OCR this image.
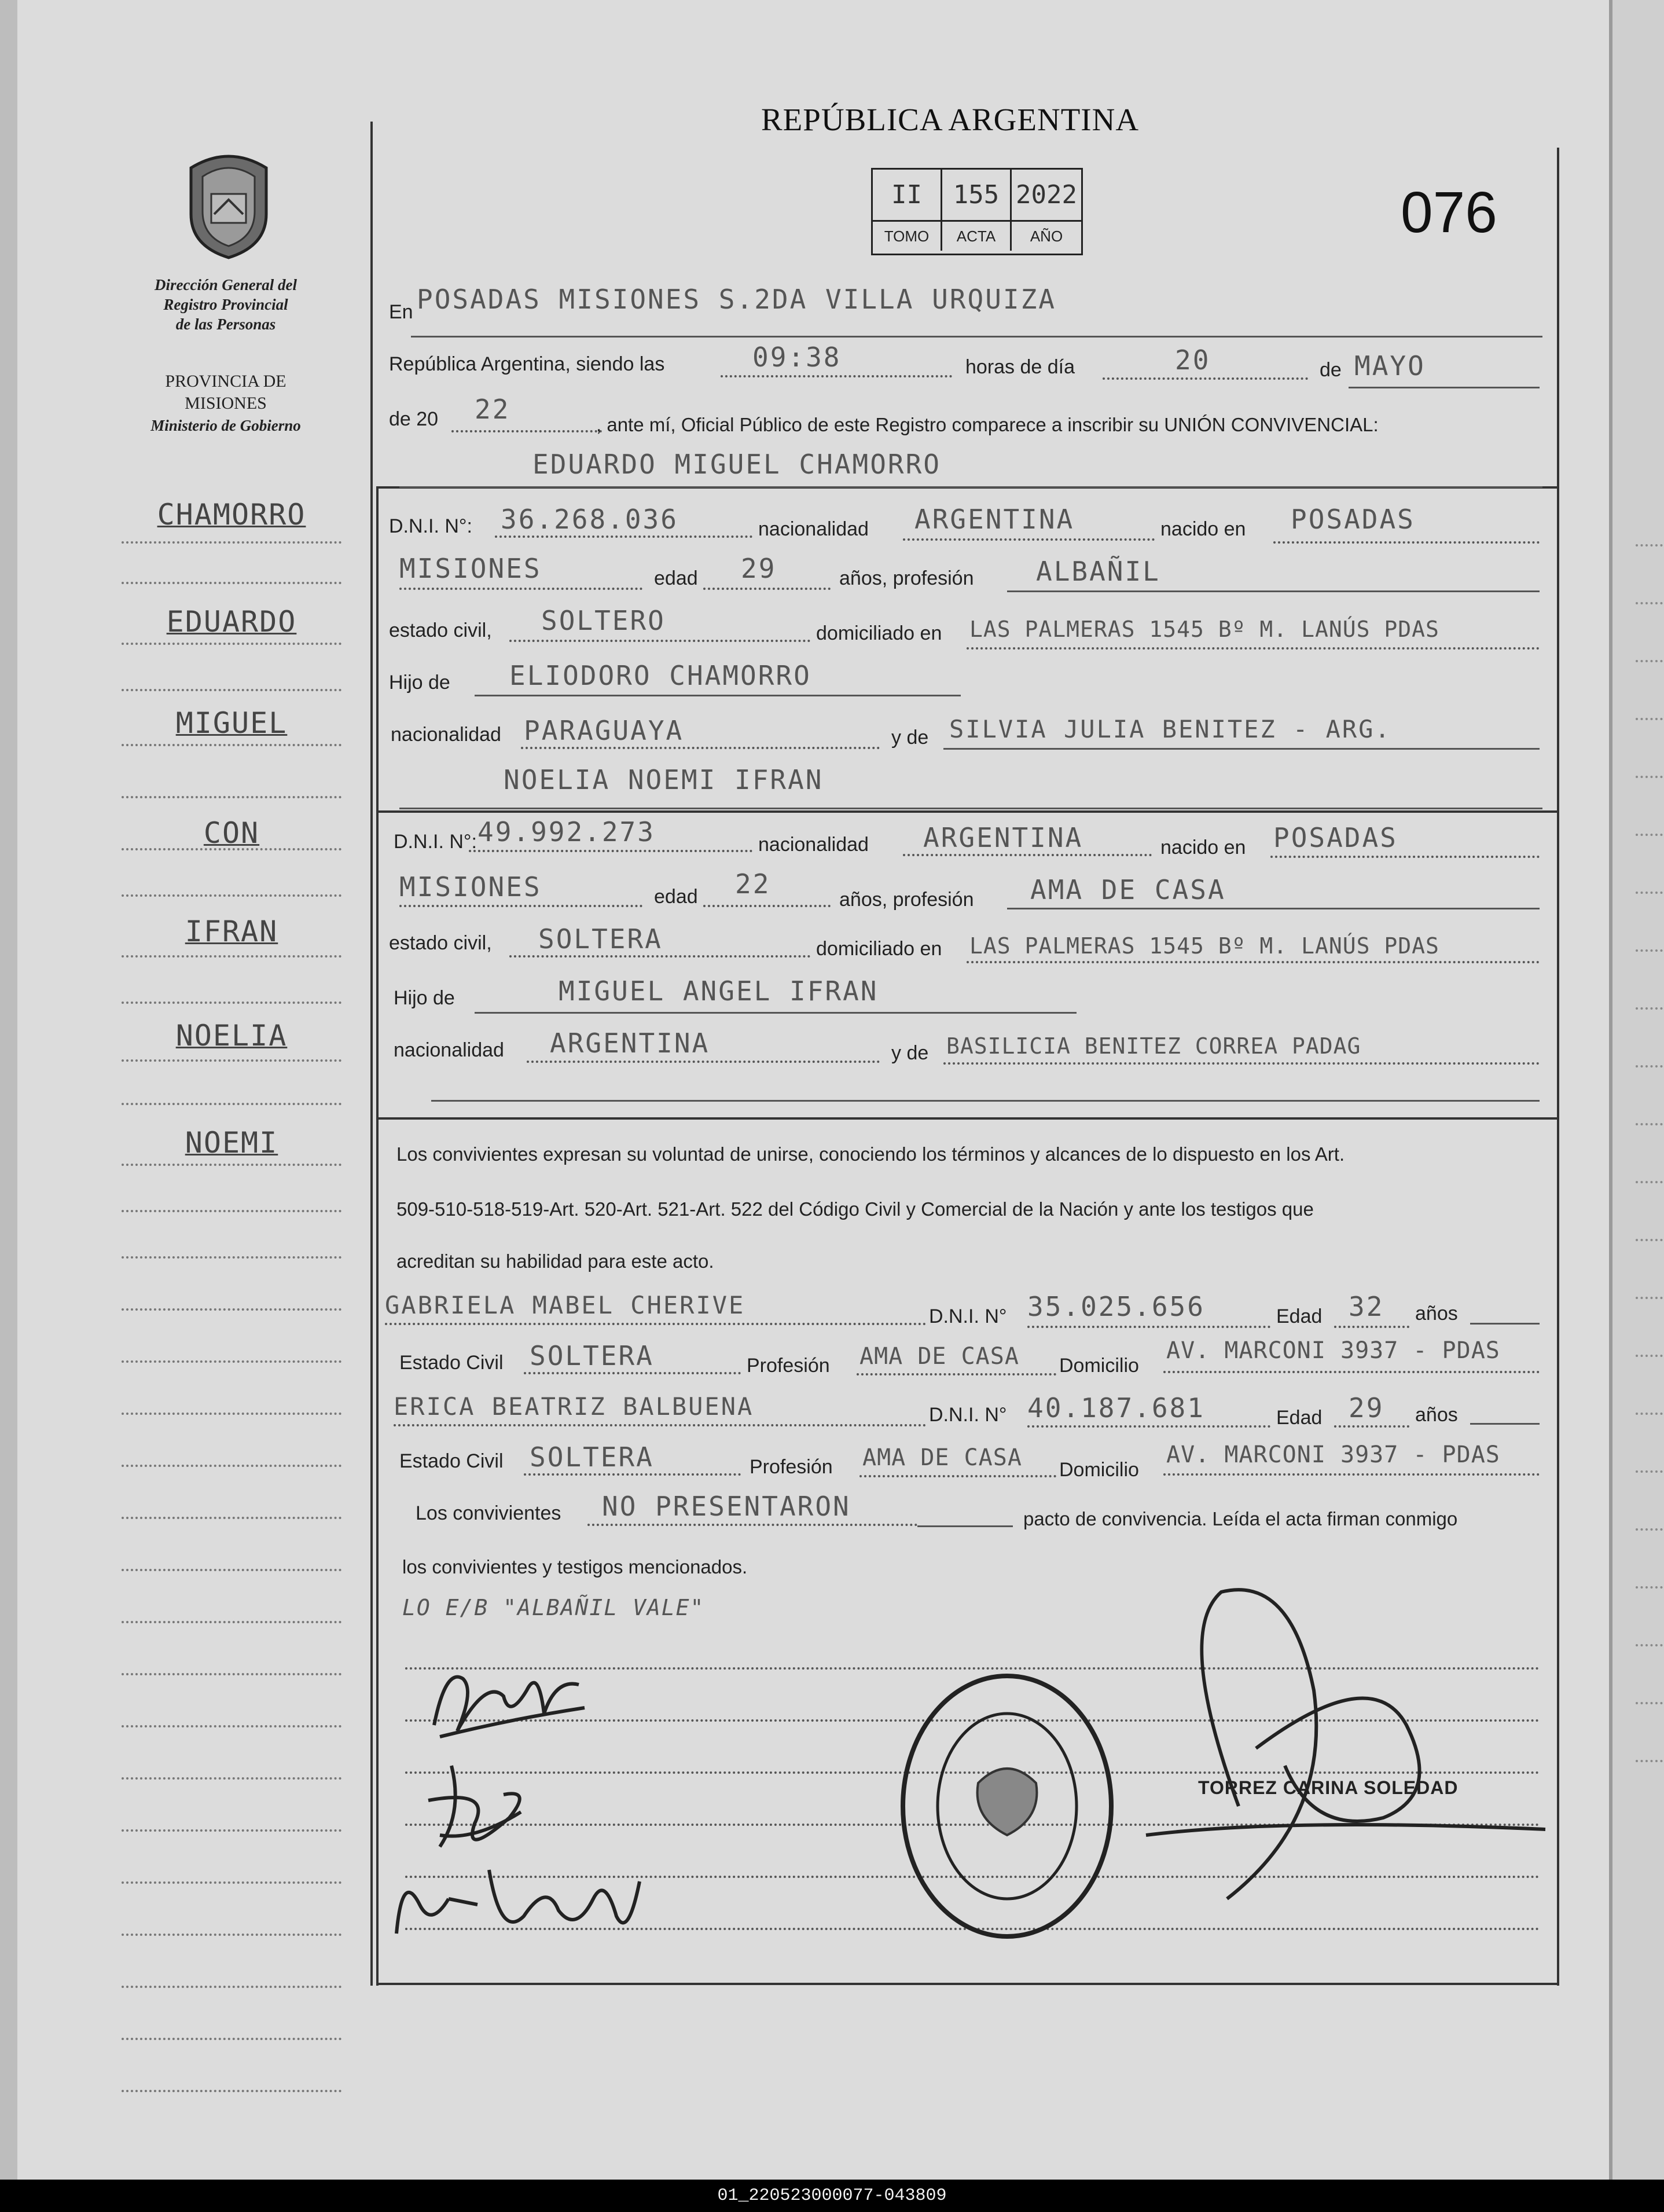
REPÚBLICA ARGENTINA
II	155 2022
TOMO	ACTA	AÑO	076
Dirección General del
Registro Provincial
de las Personas
PROVINCIA DE
MISIONES
Ministerio de Gobierno
CHAMORRO
EDUARDO
MIGUEL
CON
IFRAN
NOELIA
NOEMI
En POSADAS MISIONES S.2DA VILLA URQUIZA
República Argentina, siendo las	09:38	horas de día	20	de MAYO
de 20 22	, ante mí, Oficial Público de este Registro comparece a inscribir su UNIÓN CONVIVENCIAL:
EDUARDO MIGUEL CHAMORRO
D.N.I. N°: 36.268.036	nacionalidad ARGENTINA	nacido en POSADAS
MISIONES	edad 29	años, profesión ALBAÑIL
estado civil, SOLTERO	domiciliado en LAS PALMERAS 1545 Bº M. LANÚS PDAS
Hijo de ELIODORO CHAMORRO
nacionalidad PARAGUAYA	y de SILVIA JULIA BENITEZ - ARG.
NOELIA NOEMI IFRAN
D.N.I. N°: 49.992.273	nacionalidad ARGENTINA	nacido en POSADAS
MISIONES	edad 22	años, profesión AMA DE CASA
estado civil, SOLTERA	domiciliado en LAS PALMERAS 1545 Bº M. LANÚS PDAS
Hijo de	MIGUEL ANGEL IFRAN
nacionalidad ARGENTINA	y de BASILICIA BENITEZ CORREA PADAG
Los convivientes expresan su voluntad de unirse, conociendo los términos y alcances de lo dispuesto en los Art.
509-510-518-519-Art. 520-Art. 521-Art. 522 del Código Civil y Comercial de la Nación y ante los testigos que
acreditan su habilidad para este acto.
GABRIELA MABEL CHERIVE	D.N.I. N° 35.025.656	Edad 32 años
Estado Civil SOLTERA	Profesión AMA DE CASA Domicilio
AV. MARCONI 3937 - PDAS
ERICA BEATRIZ BALBUENA	D.N.I. N° 40.187.681	Edad 29 años
Estado Civil SOLTERA	Profesión AMA DE CASA Domicilio
AV. MARCONI 3937 - PDAS
Los convivientes NO PRESENTARON	pacto de convivencia. Leída el acta firman conmigo
los convivientes y testigos mencionados.
LO E/B "ALBAÑIL VALE"
TORREZ CARINA SOLEDAD
01_220523000077-043809
